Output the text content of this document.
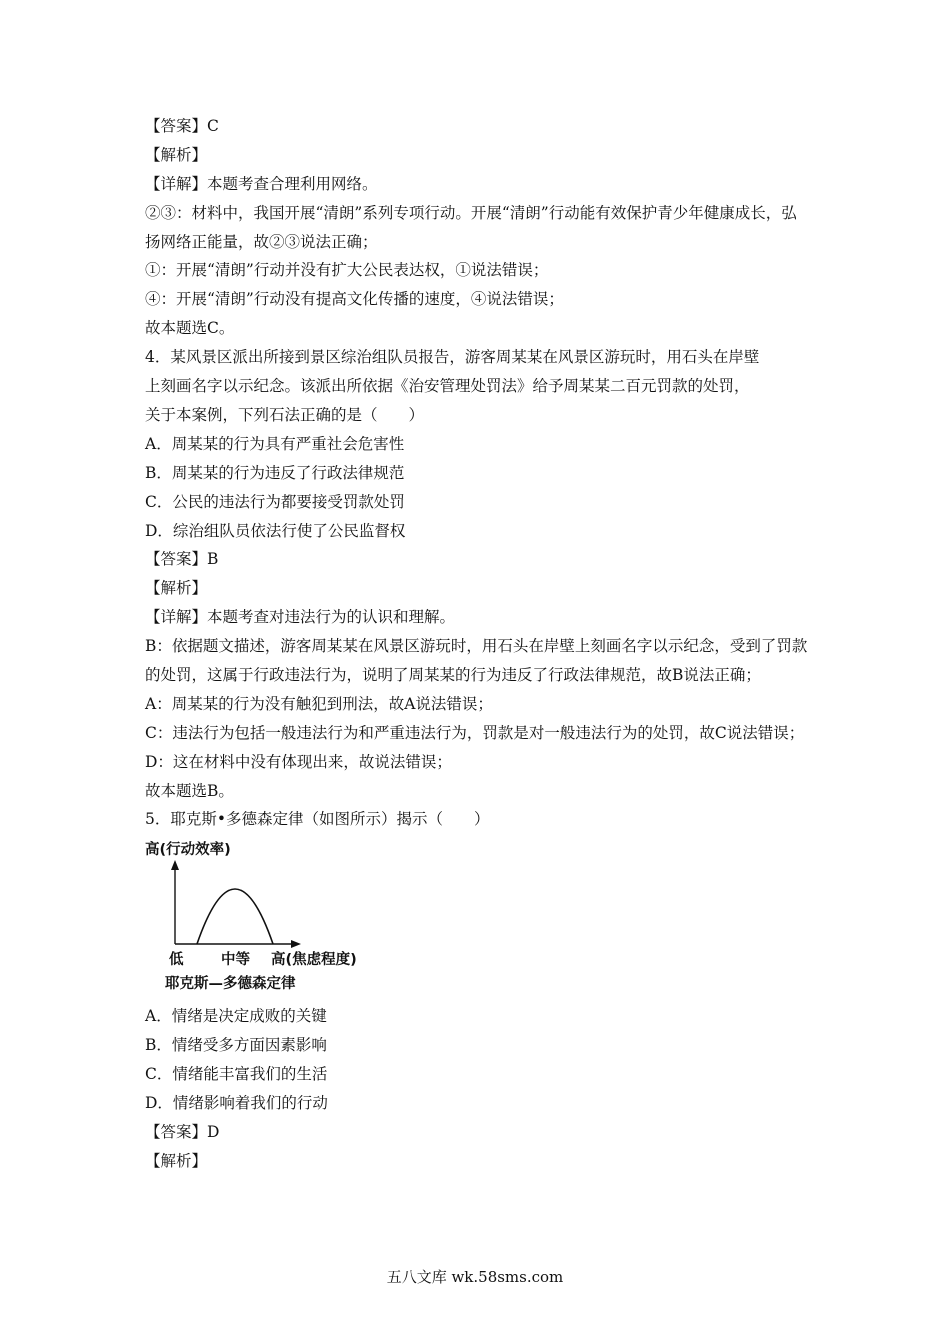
【答案】C
【解析】
【详解】本题考查合理利用网络。
②③：材料中，我国开展“清朗”系列专项行动。开展“清朗”行动能有效保护青少年健康成长，弘扬网络正能量，故②③说法正确；
①：开展“清朗”行动并没有扩大公民表达权，①说法错误；
④：开展“清朗”行动没有提高文化传播的速度，④说法错误；
故本题选C。
4．某风景区派出所接到景区综治组队员报告，游客周某某在风景区游玩时，用石头在岸壁
上刻画名字以示纪念。该派出所依据《治安管理处罚法》给予周某某二百元罚款的处罚，
关于本案例，下列石法正确的是（　　）
A．周某某的行为具有严重社会危害性
B．周某某的行为违反了行政法律规范
C．公民的违法行为都要接受罚款处罚
D．综治组队员依法行使了公民监督权
【答案】B
【解析】
【详解】本题考查对违法行为的认识和理解。
B：依据题文描述，游客周某某在风景区游玩时，用石头在岸壁上刻画名字以示纪念，受到了罚款的处罚，这属于行政违法行为，说明了周某某的行为违反了行政法律规范，故B说法正确；
A：周某某的行为没有触犯到刑法，故A说法错误；
C：违法行为包括一般违法行为和严重违法行为，罚款是对一般违法行为的处罚，故C说法错误；
D：这在材料中没有体现出来，故说法错误；
故本题选B。
5．耶克斯•多德森定律（如图所示）揭示（　　）
高(行动效率)
低	中等 高(焦虑程度)
耶克斯—多德森定律
A．情绪是决定成败的关键
B．情绪受多方面因素影响
C．情绪能丰富我们的生活
D．情绪影响着我们的行动
【答案】D
【解析】
五八文库 wk.58sms.com
